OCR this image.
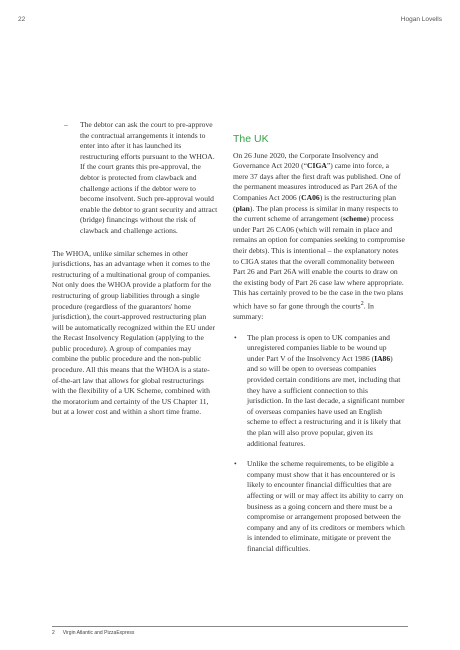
22	Hogan Lovells
– The debtor can ask the court to pre-approve the contractual arrangements it intends to enter into after it has launched its restructuring efforts pursuant to the WHOA. If the court grants this pre-approval, the debtor is protected from clawback and challenge actions if the debtor were to become insolvent. Such pre-approval would enable the debtor to grant security and attract (bridge) financings without the risk of clawback and challenge actions.

The WHOA, unlike similar schemes in other jurisdictions, has an advantage when it comes to the restructuring of a multinational group of companies. Not only does the WHOA provide a platform for the restructuring of group liabilities through a single procedure (regardless of the guarantors' home jurisdiction), the court-approved restructuring plan will be automatically recognized within the EU under the Recast Insolvency Regulation (applying to the public procedure). A group of companies may combine the public procedure and the non-public procedure. All this means that the WHOA is a state-of-the-art law that allows for global restructurings with the flexibility of a UK Scheme, combined with the moratorium and certainty of the US Chapter 11, but at a lower cost and within a short time frame.

The UK

On 26 June 2020, the Corporate Insolvency and Governance Act 2020 (“CIGA”) came into force, a mere 37 days after the first draft was published. One of the permanent measures introduced as Part 26A of the Companies Act 2006 (CA06) is the restructuring plan (plan). The plan process is similar in many respects to the current scheme of arrangement (scheme) process under Part 26 CA06 (which will remain in place and remains an option for companies seeking to compromise their debts). This is intentional – the explanatory notes to CIGA states that the overall commonality between Part 26 and Part 26A will enable the courts to draw on the existing body of Part 26 case law where appropriate. This has certainly proved to be the case in the two plans which have so far gone through the courts$^2$. In summary:

• The plan process is open to UK companies and unregistered companies liable to be wound up under Part V of the Insolvency Act 1986 (IA86) and so will be open to overseas companies provided certain conditions are met, including that they have a sufficient connection to this jurisdiction. In the last decade, a significant number of overseas companies have used an English scheme to effect a restructuring and it is likely that the plan will also prove popular, given its additional features.
• Unlike the scheme requirements, to be eligible a company must show that it has encountered or is likely to encounter financial difficulties that are affecting or will or may affect its ability to carry on business as a going concern and there must be a compromise or arrangement proposed between the company and any of its creditors or members which is intended to eliminate, mitigate or prevent the financial difficulties.
2 Virgin Atlantic and PizzaExpress
